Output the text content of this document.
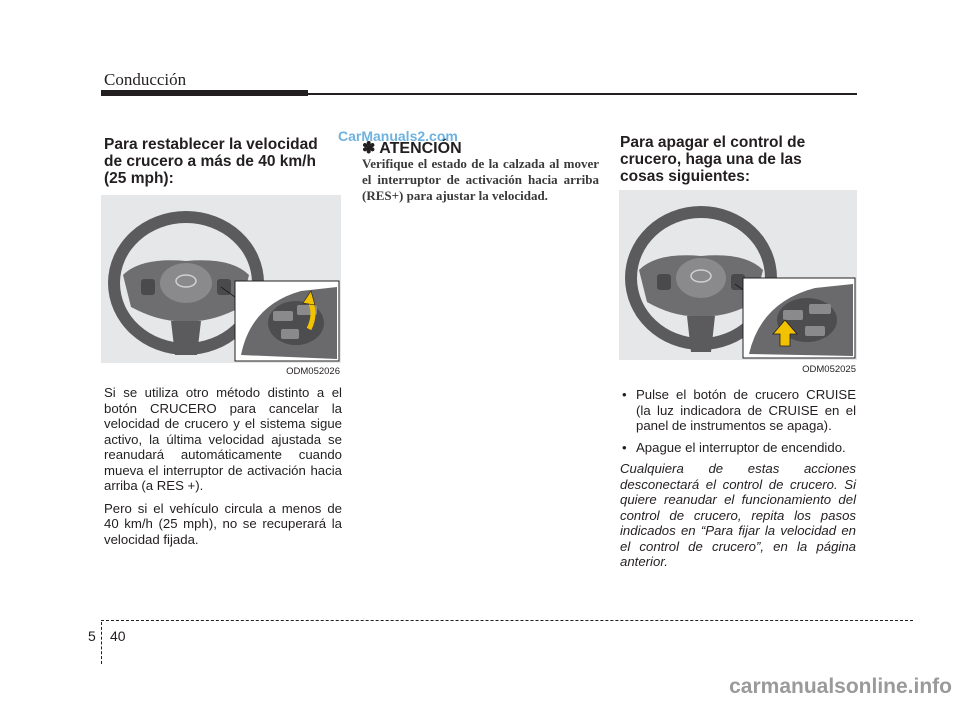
Conducción
CarManuals2.com

Para restablecer la velocidad de crucero a más de 40 km/h (25 mph):

ODM052026

Si se utiliza otro método distinto a el botón CRUCERO para cancelar la velocidad de crucero y el sistema sigue activo, la última velocidad ajustada se reanudará automáticamente cuando mueva el interruptor de activación hacia arriba (a RES +).

Pero si el vehículo circula a menos de 40 km/h (25 mph), no se recuperará la velocidad fijada.

✽ ATENCIÓN
Verifique el estado de la calzada al mover el interruptor de activación hacia arriba (RES+) para ajustar la velocidad.

Para apagar el control de crucero, haga una de las cosas siguientes:

ODM052025
• Pulse el botón de crucero CRUISE (la luz indicadora de CRUISE en el panel de instrumentos se apaga).
• Apague el interruptor de encendido.

Cualquiera de estas acciones desconectará el control de crucero. Si quiere reanudar el funcionamiento del control de crucero, repita los pasos indicados en “Para fijar la velocidad en el control de crucero”, en la página anterior.

5 40
carmanualsonline.info
